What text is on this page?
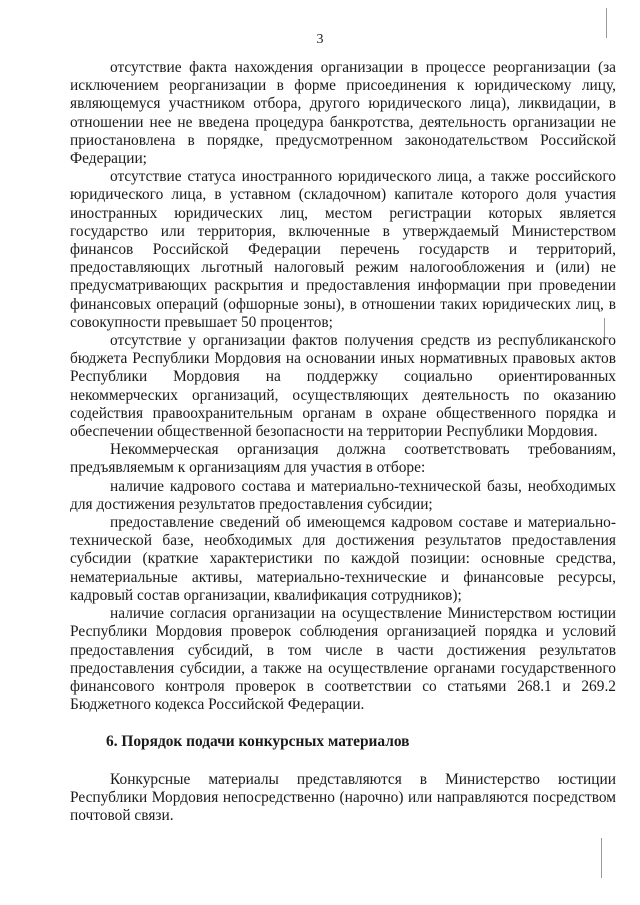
3

отсутствие факта нахождения организации в процессе реорганизации (за исключением реорганизации в форме присоединения к юридическому лицу, являющемуся участником отбора, другого юридического лица), ликвидации, в отношении нее не введена процедура банкротства, деятельность организации не приостановлена в порядке, предусмотренном законодательством Российской Федерации;

отсутствие статуса иностранного юридического лица, а также российского юридического лица, в уставном (складочном) капитале которого доля участия иностранных юридических лиц, местом регистрации которых является государство или территория, включенные в утверждаемый Министерством финансов Российской Федерации перечень государств и территорий, предоставляющих льготный налоговый режим налогообложения и (или) не предусматривающих раскрытия и предоставления информации при проведении финансовых операций (офшорные зоны), в отношении таких юридических лиц, в совокупности превышает 50 процентов;

отсутствие у организации фактов получения средств из республиканского бюджета Республики Мордовия на основании иных нормативных правовых актов Республики Мордовия на поддержку социально ориентированных некоммерческих организаций, осуществляющих деятельность по оказанию содействия правоохранительным органам в охране общественного порядка и обеспечении общественной безопасности на территории Республики Мордовия.

Некоммерческая организация должна соответствовать требованиям, предъявляемым к организациям для участия в отборе:

наличие кадрового состава и материально-технической базы, необходимых для достижения результатов предоставления субсидии;

предоставление сведений об имеющемся кадровом составе и материально-технической базе, необходимых для достижения результатов предоставления субсидии (краткие характеристики по каждой позиции: основные средства, нематериальные активы, материально-технические и финансовые ресурсы, кадровый состав организации, квалификация сотрудников);

наличие согласия организации на осуществление Министерством юстиции Республики Мордовия проверок соблюдения организацией порядка и условий предоставления субсидий, в том числе в части достижения результатов предоставления субсидии, а также на осуществление органами государственного финансового контроля проверок в соответствии со статьями 268.1 и 269.2 Бюджетного кодекса Российской Федерации.

6. Порядок подачи конкурсных материалов

Конкурсные материалы представляются в Министерство юстиции Республики Мордовия непосредственно (нарочно) или направляются посредством почтовой связи.
